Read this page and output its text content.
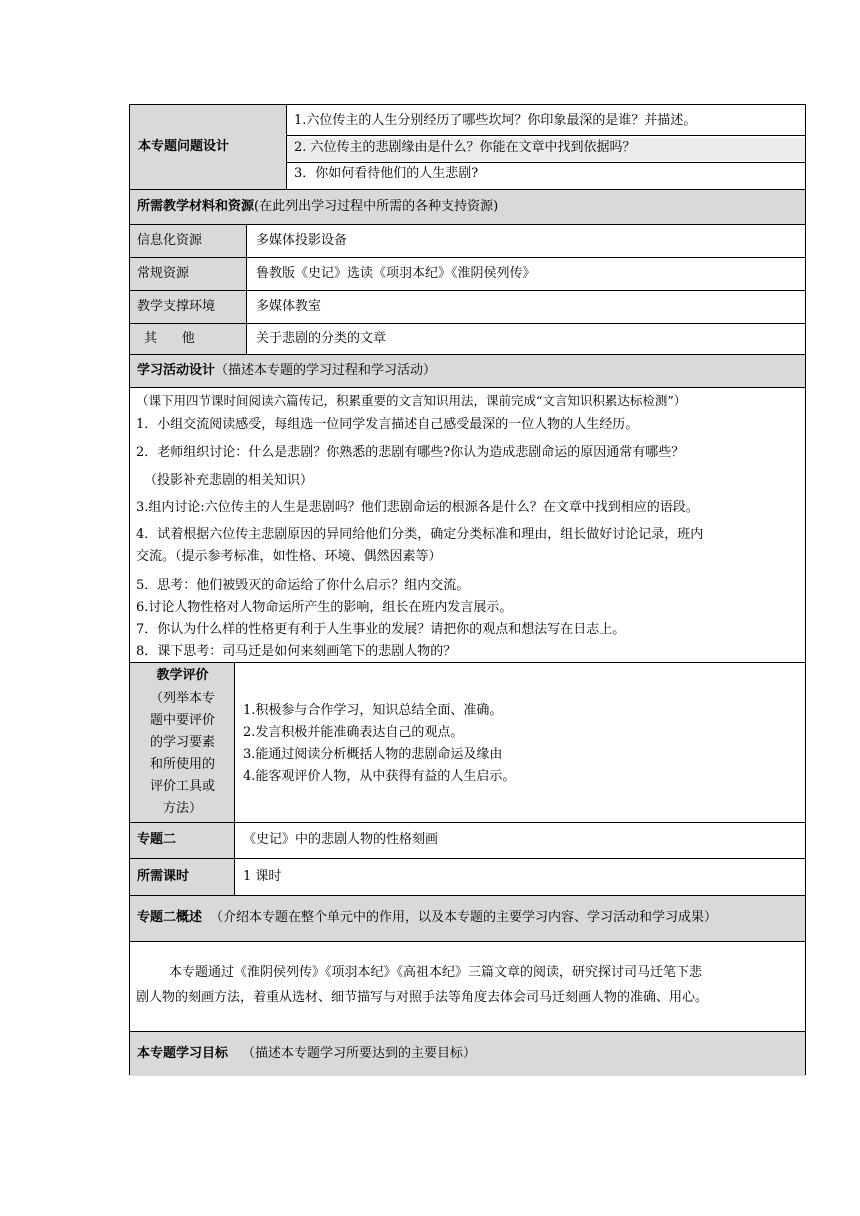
本专题问题设计
1.六位传主的人生分别经历了哪些坎坷？你印象最深的是谁？并描述。
2. 六位传主的悲剧缘由是什么？你能在文章中找到依据吗？
3．你如何看待他们的人生悲剧?
所需教学材料和资源(在此列出学习过程中所需的各种支持资源)
信息化资源	多媒体投影设备
常规资源	鲁教版《史记》选读《项羽本纪》《淮阴侯列传》
教学支撑环境	多媒体教室
其      他	关于悲剧的分类的文章
学习活动设计（描述本专题的学习过程和学习活动）
（课下用四节课时间阅读六篇传记，积累重要的文言知识用法，课前完成“文言知识积累达标检测”）
1．小组交流阅读感受，每组选一位同学发言描述自己感受最深的一位人物的人生经历。
2．老师组织讨论：什么是悲剧？你熟悉的悲剧有哪些?你认为造成悲剧命运的原因通常有哪些？
（投影补充悲剧的相关知识）
3.组内讨论:六位传主的人生是悲剧吗？他们悲剧命运的根源各是什么？在文章中找到相应的语段。
4．试着根据六位传主悲剧原因的异同给他们分类，确定分类标准和理由，组长做好讨论记录，班内
交流。（提示参考标准，如性格、环境、偶然因素等）
5．思考：他们被毁灭的命运给了你什么启示？组内交流。
6.讨论人物性格对人物命运所产生的影响，组长在班内发言展示。
7．你认为什么样的性格更有利于人生事业的发展？请把你的观点和想法写在日志上。
8．课下思考：司马迁是如何来刻画笔下的悲剧人物的？
教学评价
（列举本专
题中要评价
的学习要素
和所使用的
评价工具或
方法）
1.积极参与合作学习，知识总结全面、准确。
2.发言积极并能准确表达自己的观点。
3.能通过阅读分析概括人物的悲剧命运及缘由
4.能客观评价人物，从中获得有益的人生启示。
专题二	《史记》中的悲剧人物的性格刻画
所需课时	1 课时
专题二概述 （介绍本专题在整个单元中的作用，以及本专题的主要学习内容、学习活动和学习成果）
本专题通过《淮阴侯列传》《项羽本纪》《高祖本纪》三篇文章的阅读，研究探讨司马迁笔下悲
剧人物的刻画方法，着重从选材、细节描写与对照手法等角度去体会司马迁刻画人物的准确、用心。
本专题学习目标 （描述本专题学习所要达到的主要目标）
